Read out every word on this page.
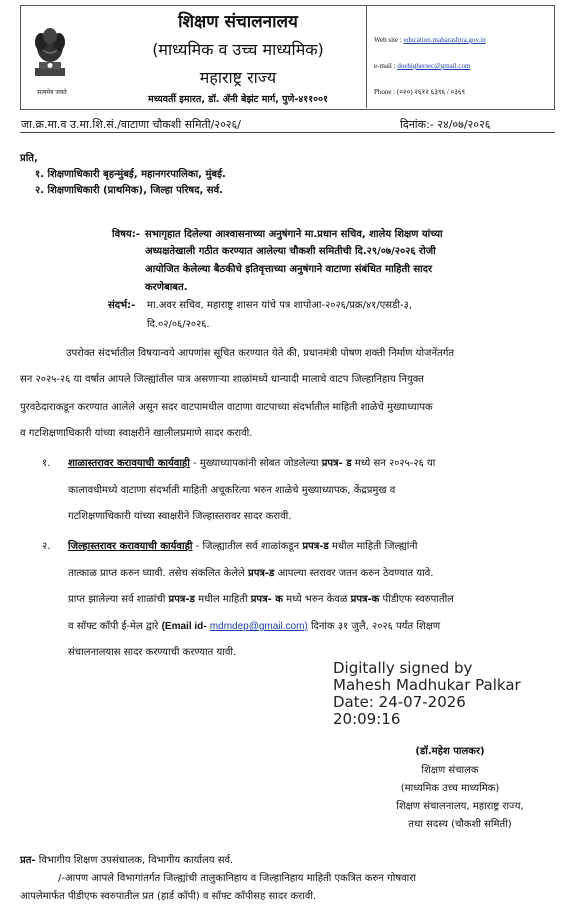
सत्यमेव जयते
शिक्षण संचालनालय
(माध्यमिक व उच्च माध्यमिक)
महाराष्ट्र राज्य
मध्यवर्ती इमारत, डॉ. ॲनी बेझंट मार्ग, पुणे-४११००१
Web site : education.maharashtra.gov.in
e-mail : doehighersec@gmail.com
Phone : (०२०) २६१२ ६३९६ / ०३६९
जा.क्र.मा.व उ.मा.शि.सं./वाटाणा चौकशी समिती/२०२६/	दिनांक:- २४/०७/२०२६
प्रति,
१. शिक्षणाधिकारी बृहन्मुंबई, महानगरपालिका, मुंबई.
२. शिक्षणाधिकारी (प्राथमिक), जिल्हा परिषद, सर्व.
विषय:- सभागृहात दिलेल्या आश्वासनाच्या अनुषंगाने मा.प्रधान सचिव, शालेय शिक्षण यांच्या
अध्यक्षतेखाली गठीत करण्यात आलेल्या चौकशी समितीची दि.२९/०७/२०२६ रोजी
आयोजित केलेल्या बैठकीचे इतिवृत्ताच्या अनुषंगाने वाटाणा संबंधित माहिती सादर
करणेबाबत.
संदर्भ:- मा.अवर सचिव, महाराष्ट्र शासन यांचे पत्र शापोआ-२०२६/प्रक्र/४१/एसडी-३,
दि.०२/०६/२०२६.
उपरोक्त संदर्भातील विषयान्वये आपणांस सूचित करण्यात येते की, प्रधानमंत्री पोषण शक्ती निर्माण योजनेंतर्गत
सन २०२५-२६ या वर्षात आपले जिल्ह्यांतील पात्र असणाऱ्या शाळांमध्ये धान्यादी मालाचे वाटप जिल्हानिहाय नियुक्त
पुरवठेदाराकडून करण्यात आलेले असून सदर वाटपामधील वाटाणा वाटपाच्या संदर्भातील माहिती शाळेचे मुख्याध्यापक
व गटशिक्षणाधिकारी यांच्या स्वाक्षरीने खालीलप्रमाणे सादर करावी.
१. शाळास्तरावर करावयाची कार्यवाही - मुख्याध्यापकांनी सोबत जोडलेल्या प्रपत्र- ड मध्ये सन २०२५-२६ या
कालावधीमध्ये वाटाणा संदर्भाती माहिती अचूकरित्या भरुन शाळेचे मुख्याध्यापक, केंद्रप्रमुख व
गटशिक्षणाधिकारी यांच्या स्वाक्षरीने जिल्हास्तरावर सादर करावी.
२. जिल्हास्तरावर करावयाची कार्यवाही - जिल्ह्यातील सर्व शाळांकडून प्रपत्र-ड मधील माहिती जिल्ह्यांनी
तात्काळ प्राप्त करुन घ्यावी. तसेच संकलित केलेले प्रपत्र-ड आपल्या स्तरावर जतन करुन ठेवण्यात यावे.
प्राप्त झालेल्या सर्व शाळांची प्रपत्र-ड मधील माहिती प्रपत्र- क मध्ये भरुन केवळ प्रपत्र-क पीडीएफ स्वरुपातील
व सॉफ्ट कॉपी ई-मेल द्वारे (Email id- mdmdep@gmail.com) दिनांक ३१ जुलै, २०२६ पर्यंत शिक्षण
संचालनालयास सादर करण्याची करण्यात यावी.
Digitally signed by
Mahesh Madhukar Palkar
Date: 24-07-2026
20:09:16
(डॉ.महेश पालकर)
शिक्षण संचालक
(माध्यमिक उच्च माध्यमिक)
शिक्षण संचालनालय, महाराष्ट्र राज्य,
तथा सदस्य (चौकशी समिती)
प्रत- विभागीय शिक्षण उपसंचालक, विभागीय कार्यालय सर्व.
/-आपण आपले विभागांतर्गत जिल्ह्यांची तालुकानिहाय व जिल्हानिहाय माहिती एकत्रित करुन गोषवारा
आपलेमार्फत पीडीएफ स्वरुपातील प्रत (हार्ड कॉपी) व सॉफ्ट कॉपीसह सादर करावी.
